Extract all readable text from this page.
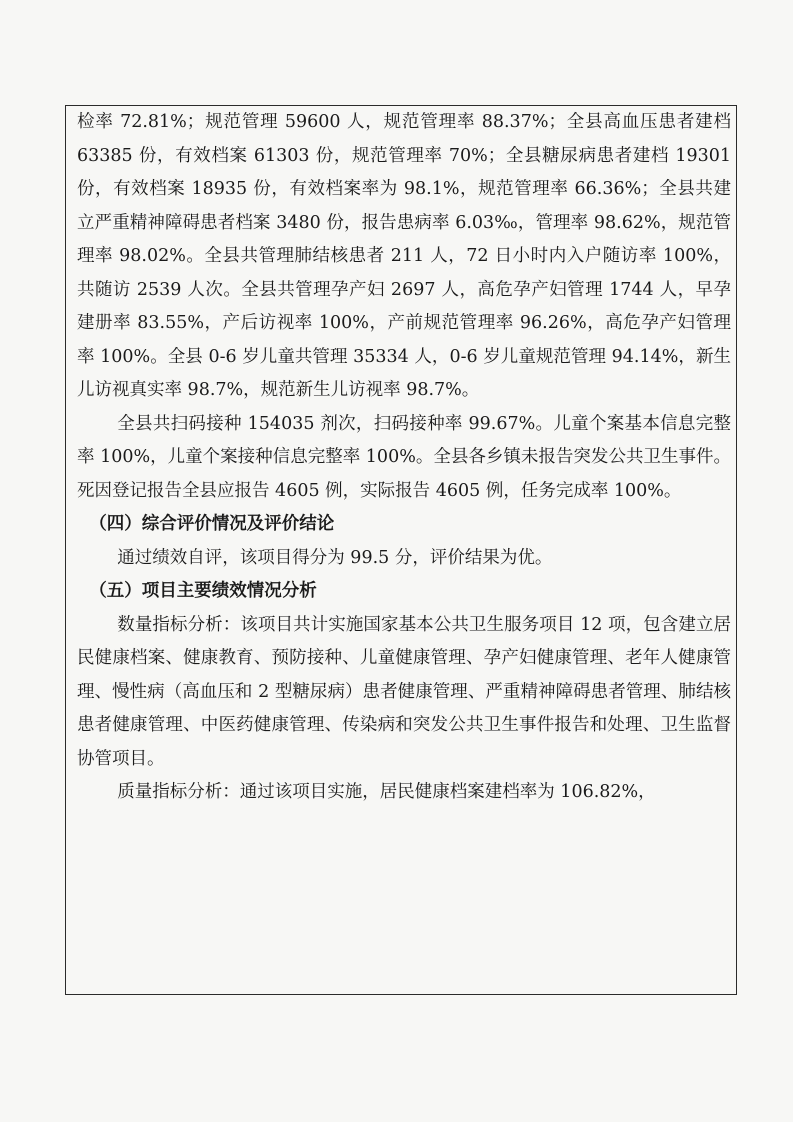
检率 72.81%；规范管理 59600 人，规范管理率 88.37%；全县高血压患者建档 63385 份，有效档案 61303 份，规范管理率 70%；全县糖尿病患者建档 19301 份，有效档案 18935 份，有效档案率为 98.1%，规范管理率 66.36%；全县共建立严重精神障碍患者档案 3480 份，报告患病率 6.03‰，管理率 98.62%，规范管理率 98.02%。全县共管理肺结核患者 211 人，72 日小时内入户随访率 100%，共随访 2539 人次。全县共管理孕产妇 2697 人，高危孕产妇管理 1744 人，早孕建册率 83.55%，产后访视率 100%，产前规范管理率 96.26%，高危孕产妇管理率 100%。全县 0-6 岁儿童共管理 35334 人，0-6 岁儿童规范管理 94.14%，新生儿访视真实率 98.7%，规范新生儿访视率 98.7%。

全县共扫码接种 154035 剂次，扫码接种率 99.67%。儿童个案基本信息完整率 100%，儿童个案接种信息完整率 100%。全县各乡镇未报告突发公共卫生事件。死因登记报告全县应报告 4605 例，实际报告 4605 例，任务完成率 100%。

（四）综合评价情况及评价结论

通过绩效自评，该项目得分为 99.5 分，评价结果为优。

（五）项目主要绩效情况分析

数量指标分析：该项目共计实施国家基本公共卫生服务项目 12 项，包含建立居民健康档案、健康教育、预防接种、儿童健康管理、孕产妇健康管理、老年人健康管理、慢性病（高血压和 2 型糖尿病）患者健康管理、严重精神障碍患者管理、肺结核患者健康管理、中医药健康管理、传染病和突发公共卫生事件报告和处理、卫生监督协管项目。

质量指标分析：通过该项目实施，居民健康档案建档率为 106.82%，
